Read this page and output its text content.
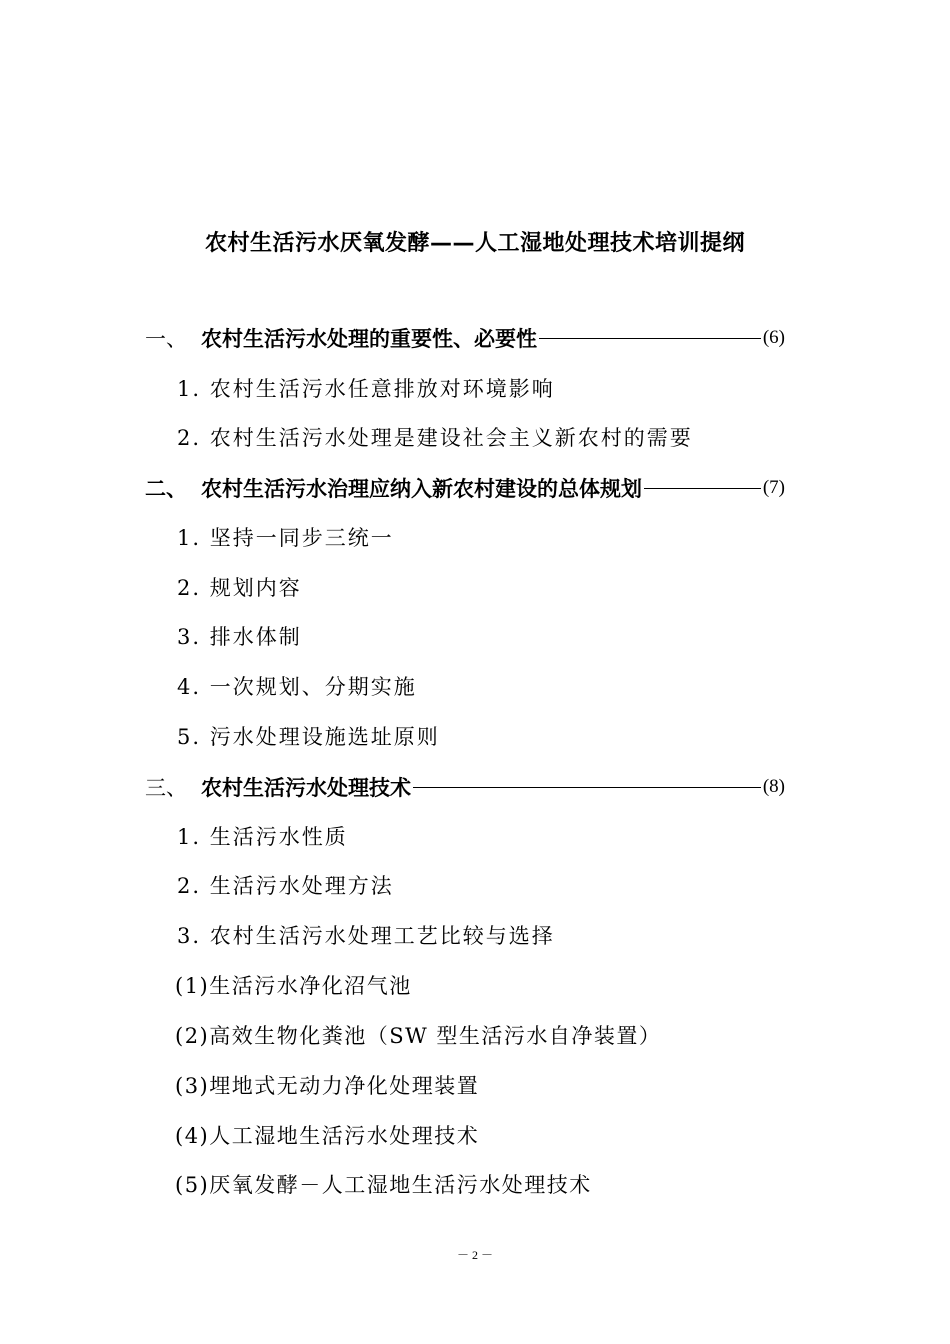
农村生活污水厌氧发酵——人工湿地处理技术培训提纲
一、 农村生活污水处理的重要性、必要性	(6)
1. 农村生活污水任意排放对环境影响
2. 农村生活污水处理是建设社会主义新农村的需要
二、 农村生活污水治理应纳入新农村建设的总体规划	(7)
1. 坚持一同步三统一
2. 规划内容
3. 排水体制
4. 一次规划、分期实施
5. 污水处理设施选址原则
三、 农村生活污水处理技术	(8)
1. 生活污水性质
2. 生活污水处理方法
3. 农村生活污水处理工艺比较与选择
(1)生活污水净化沼气池
(2)高效生物化粪池（SW 型生活污水自净装置）
(3)埋地式无动力净化处理装置
(4)人工湿地生活污水处理技术
(5)厌氧发酵－人工湿地生活污水处理技术
－ 2 －
